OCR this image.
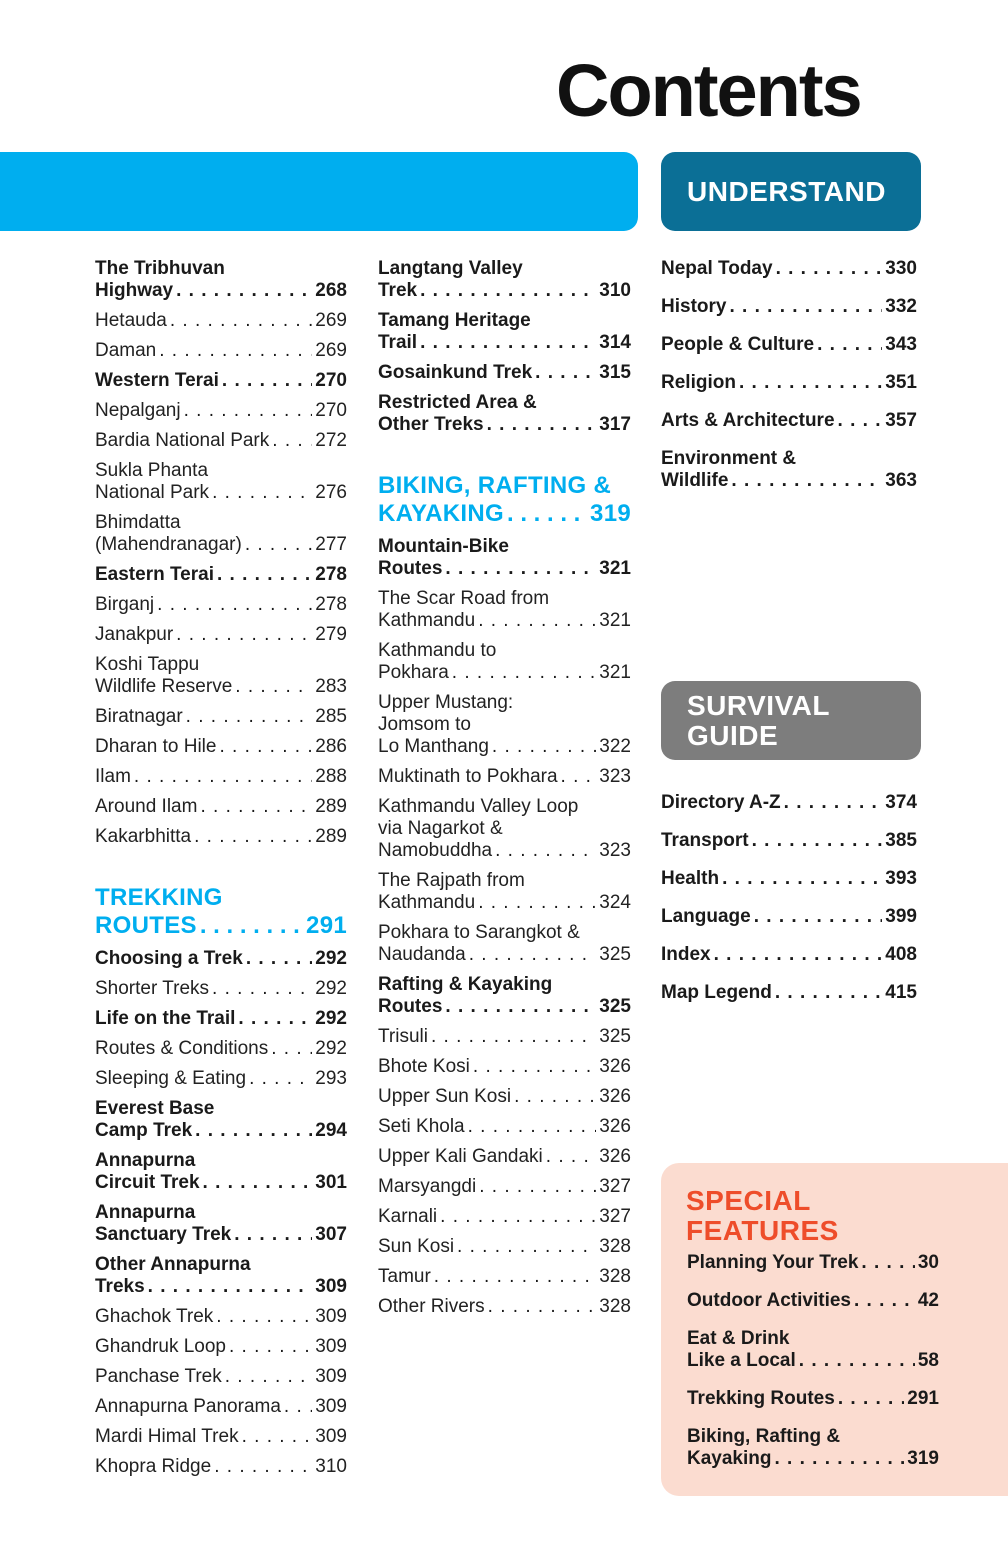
Contents
UNDERSTAND
SURVIVAL
GUIDE
SPECIAL
FEATURES
The Tribhuvan
Highway . . .	268
Hetauda . . .	269
Daman . . .	269
Western Terai . . .	270
Nepalganj . . .	270
Bardia National Park . . . 272
Sukla Phanta
National Park . . .	276
Bhimdatta
(Mahendranagar) . . .	277
Eastern Terai . . .	278
Birganj . . .	278
Janakpur . . .	279
Koshi Tappu
Wildlife Reserve . . .	283
Biratnagar . . .	285
Dharan to Hile . . .	286
Ilam . . .	288
Around Ilam . . .	289
Kakarbhitta . . .	289
TREKKING
ROUTES . . .	291
Choosing a Trek . . .	292
Shorter Treks . . .	292
Life on the Trail . . .	292
Routes & Conditions . . . 292
Sleeping & Eating . . .	293
Everest Base
Camp Trek . . .	294
Annapurna
Circuit Trek . . .	301
Annapurna
Sanctuary Trek . . .	307
Other Annapurna
Treks . . .	309
Ghachok Trek . . .	309
Ghandruk Loop . . .	309
Panchase Trek . . .	309
Annapurna Panorama . . . 309
Mardi Himal Trek . . .	309
Khopra Ridge . . .	310
Langtang Valley
Trek . . .	310
Tamang Heritage
Trail . . .	314
Gosainkund Trek . . .	315
Restricted Area &
Other Treks . . .	317
BIKING, RAFTING &
KAYAKING . . .	319
Mountain-Bike
Routes . . .	321
The Scar Road from
Kathmandu . . .	321
Kathmandu to
Pokhara . . .	321
Upper Mustang:
Jomsom to
Lo Manthang . . .	322
Muktinath to Pokhara . . . 323
Kathmandu Valley Loop
via Nagarkot &
Namobuddha . . .	323
The Rajpath from
Kathmandu . . .	324
Pokhara to Sarangkot &
Naudanda . . .	325
Rafting & Kayaking
Routes . . .	325
Trisuli . . .	325
Bhote Kosi . . .	326
Upper Sun Kosi . . .	326
Seti Khola . . .	326
Upper Kali Gandaki . . .	326
Marsyangdi . . .	327
Karnali . . .	327
Sun Kosi . . .	328
Tamur . . .	328
Other Rivers . . .	328
Nepal Today . . .	330
History . . .	332
People & Culture . . .	343
Religion . . .	351
Arts & Architecture . . .	357
Environment &
Wildlife . . .	363
Directory A-Z . . .	374
Transport . . .	385
Health . . .	393
Language . . .	399
Index . . .	408
Map Legend . . .	415
Planning Your Trek . . .	30
Outdoor Activities . . .	42
Eat & Drink
Like a Local . . .	58
Trekking Routes . . .	291
Biking, Rafting &
Kayaking . . .	319
